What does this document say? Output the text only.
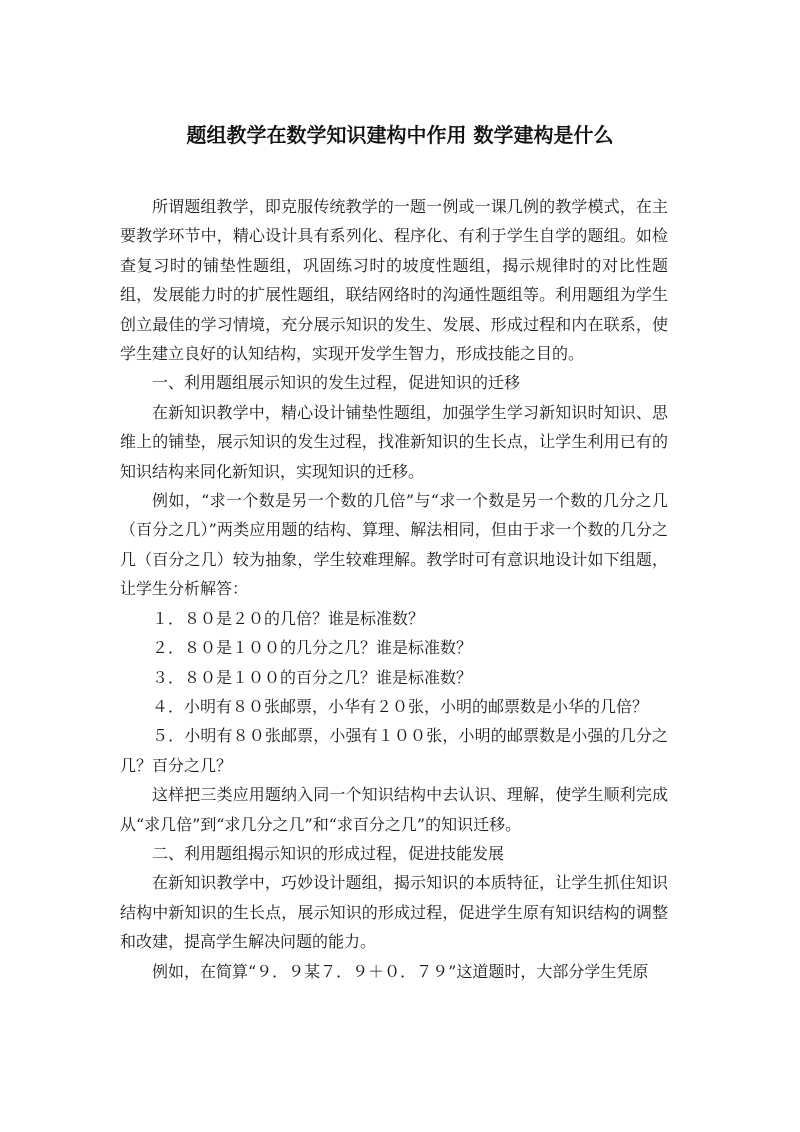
题组教学在数学知识建构中作用 数学建构是什么

所谓题组教学，即克服传统教学的一题一例或一课几例的教学模式，在主要教学环节中，精心设计具有系列化、程序化、有利于学生自学的题组。如检查复习时的铺垫性题组，巩固练习时的坡度性题组，揭示规律时的对比性题组，发展能力时的扩展性题组，联结网络时的沟通性题组等。利用题组为学生创立最佳的学习情境，充分展示知识的发生、发展、形成过程和内在联系，使学生建立良好的认知结构，实现开发学生智力，形成技能之目的。

一、利用题组展示知识的发生过程，促进知识的迁移

在新知识教学中，精心设计铺垫性题组，加强学生学习新知识时知识、思维上的铺垫，展示知识的发生过程，找准新知识的生长点，让学生利用已有的知识结构来同化新知识，实现知识的迁移。

例如，“求一个数是另一个数的几倍”与“求一个数是另一个数的几分之几（百分之几）”两类应用题的结构、算理、解法相同，但由于求一个数的几分之几（百分之几）较为抽象，学生较难理解。教学时可有意识地设计如下组题，让学生分析解答：

１．８０是２０的几倍？谁是标准数？

２．８０是１００的几分之几？谁是标准数？

３．８０是１００的百分之几？谁是标准数？

４．小明有８０张邮票，小华有２０张，小明的邮票数是小华的几倍？

５．小明有８０张邮票，小强有１００张，小明的邮票数是小强的几分之几？百分之几？

这样把三类应用题纳入同一个知识结构中去认识、理解，使学生顺利完成从“求几倍”到“求几分之几”和“求百分之几”的知识迁移。

二、利用题组揭示知识的形成过程，促进技能发展

在新知识教学中，巧妙设计题组，揭示知识的本质特征，让学生抓住知识结构中新知识的生长点，展示知识的形成过程，促进学生原有知识结构的调整和改建，提高学生解决问题的能力。

例如，在简算“９．９某７．９＋０．７９”这道题时，大部分学生凭原
